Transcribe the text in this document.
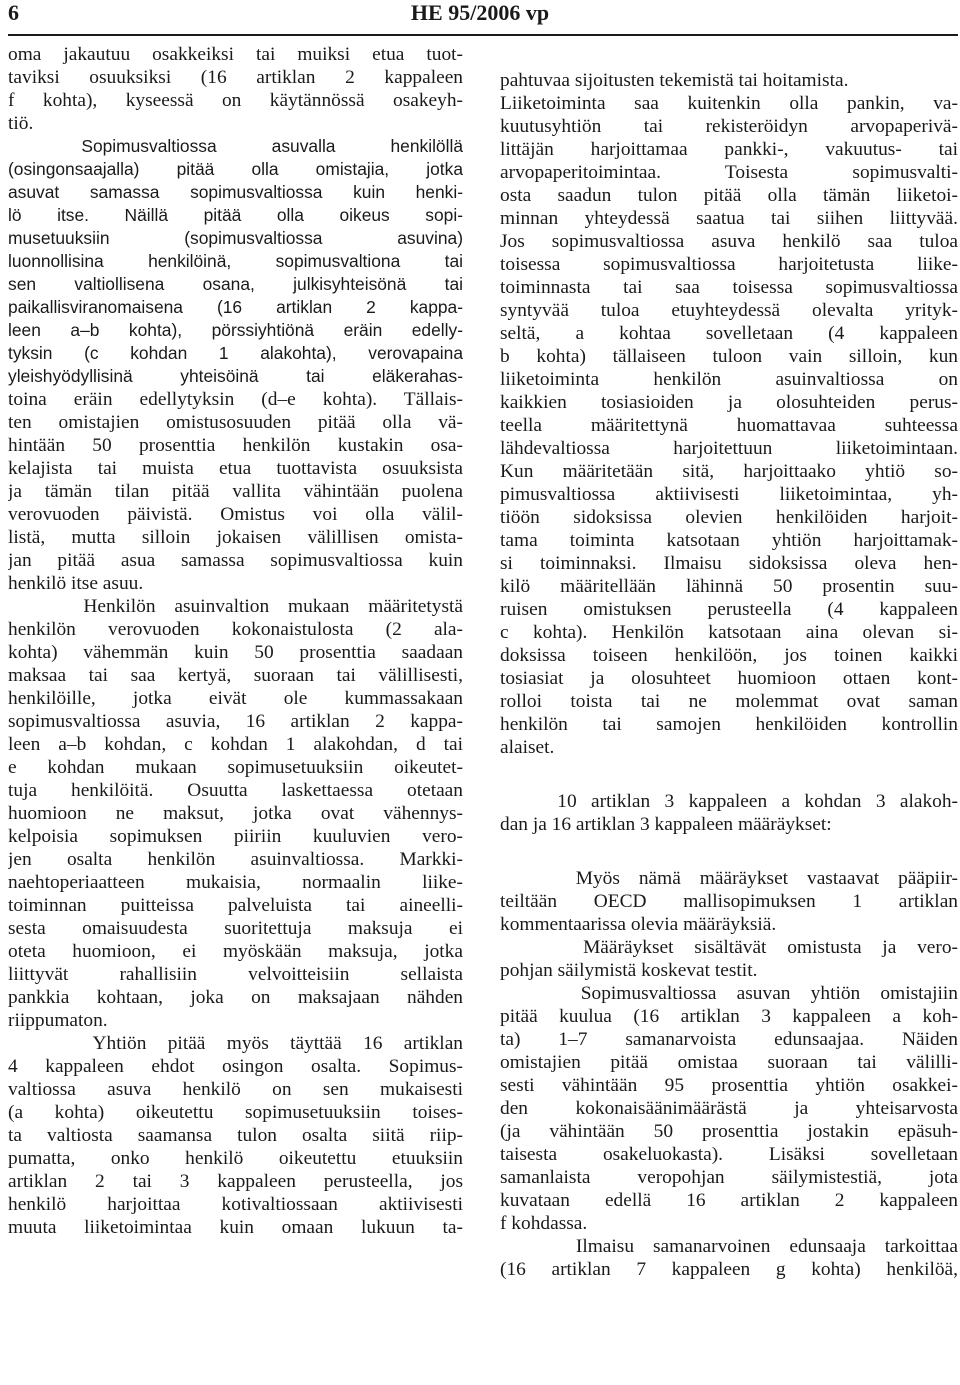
6	HE 95/2006 vp
oma jakautuu osakkeiksi tai muiksi etua tuot-
taviksi osuuksiksi (16 artiklan 2 kappaleen
f kohta), kyseessä on käytännössä osakeyh-
tiö.
Sopimusvaltiossa   asuvalla   henkilöllä
(osingonsaajalla) pitää olla omistajia, jotka
asuvat samassa sopimusvaltiossa kuin henki-
lö  itse.  Näillä  pitää  olla  oikeus  sopi-
musetuuksiin  (sopimusvaltiossa  asuvina)
luonnollisina henkilöinä, sopimusvaltiona tai
sen  valtiollisena  osana,  julkisyhteisönä  tai
paikallisviranomaisena (16 artiklan 2 kappa-
leen  a–b  kohta),  pörssiyhtiönä  eräin  edelly-
tyksin  (c  kohdan  1  alakohta),  verovapaina
yleishyödyllisinä  yhteisöinä  tai  eläkerahas-
toina eräin edellytyksin (d–e kohta). Tällais-
ten omistajien omistusosuuden pitää olla vä-
hintään 50 prosenttia henkilön kustakin osa-
kelajista tai muista etua tuottavista osuuksista
ja tämän tilan pitää vallita vähintään puolena
verovuoden päivistä. Omistus voi olla välil-
listä, mutta silloin jokaisen välillisen omista-
jan pitää asua samassa sopimusvaltiossa kuin
henkilö itse asuu.
Henkilön asuinvaltion mukaan määritetystä
henkilön verovuoden kokonaistulosta (2 ala-
kohta) vähemmän kuin 50 prosenttia saadaan
maksaa tai saa kertyä, suoraan tai välillisesti,
henkilöille, jotka eivät ole kummassakaan
sopimusvaltiossa asuvia, 16 artiklan 2 kappa-
leen a–b kohdan, c kohdan 1 alakohdan, d tai
e kohdan mukaan sopimusetuuksiin oikeutet-
tuja henkilöitä. Osuutta laskettaessa otetaan
huomioon ne maksut, jotka ovat vähennys-
kelpoisia sopimuksen piiriin kuuluvien vero-
jen osalta henkilön asuinvaltiossa. Markki-
naehtoperiaatteen mukaisia, normaalin liike-
toiminnan puitteissa palveluista tai aineelli-
sesta omaisuudesta suoritettuja maksuja ei
oteta huomioon, ei myöskään maksuja, jotka
liittyvät rahallisiin velvoitteisiin sellaista
pankkia kohtaan, joka on maksajaan nähden
riippumaton.
Yhtiön pitää myös täyttää 16 artiklan
4 kappaleen ehdot osingon osalta. Sopimus-
valtiossa asuva henkilö on sen mukaisesti
(a kohta) oikeutettu sopimusetuuksiin toises-
ta valtiosta saamansa tulon osalta siitä riip-
pumatta, onko henkilö oikeutettu etuuksiin
artiklan 2 tai 3 kappaleen perusteella, jos
henkilö harjoittaa kotivaltiossaan aktiivisesti
muuta liiketoimintaa kuin omaan lukuun ta-
pahtuvaa sijoitusten tekemistä tai hoitamista.
Liiketoiminta saa kuitenkin olla pankin, va-
kuutusyhtiön tai rekisteröidyn arvopaperivä-
littäjän harjoittamaa pankki-, vakuutus- tai
arvopaperitoimintaa. Toisesta sopimusvalti-
osta saadun tulon pitää olla tämän liiketoi-
minnan yhteydessä saatua tai siihen liittyvää.
Jos sopimusvaltiossa asuva henkilö saa tuloa
toisessa sopimusvaltiossa harjoitetusta liike-
toiminnasta tai saa toisessa sopimusvaltiossa
syntyvää tuloa etuyhteydessä olevalta yrityk-
seltä, a kohtaa sovelletaan (4 kappaleen
b kohta) tällaiseen tuloon vain silloin, kun
liiketoiminta henkilön asuinvaltiossa on
kaikkien tosiasioiden ja olosuhteiden perus-
teella määritettynä huomattavaa suhteessa
lähdevaltiossa harjoitettuun liiketoimintaan.
Kun määritetään sitä, harjoittaako yhtiö so-
pimusvaltiossa aktiivisesti liiketoimintaa, yh-
tiöön sidoksissa olevien henkilöiden harjoit-
tama toiminta katsotaan yhtiön harjoittamak-
si toiminnaksi. Ilmaisu sidoksissa oleva hen-
kilö määritellään lähinnä 50 prosentin suu-
ruisen omistuksen perusteella (4 kappaleen
c kohta). Henkilön katsotaan aina olevan si-
doksissa toiseen henkilöön, jos toinen kaikki
tosiasiat ja olosuhteet huomioon ottaen kont-
rolloi toista tai ne molemmat ovat saman
henkilön tai samojen henkilöiden kontrollin
alaiset.
10 artiklan 3 kappaleen a kohdan 3 alakoh-
dan ja 16 artiklan 3 kappaleen määräykset:
Myös nämä määräykset vastaavat pääpiir-
teiltään OECD mallisopimuksen 1 artiklan
kommentaarissa olevia määräyksiä.
Määräykset sisältävät omistusta ja vero-
pohjan säilymistä koskevat testit.
Sopimusvaltiossa asuvan yhtiön omistajiin
pitää kuulua (16 artiklan 3 kappaleen a koh-
ta) 1–7 samanarvoista edunsaajaa. Näiden
omistajien pitää omistaa suoraan tai välilli-
sesti vähintään 95 prosenttia yhtiön osakkei-
den kokonaisäänimäärästä ja yhteisarvosta
(ja vähintään 50 prosenttia jostakin epäsuh-
taisesta osakeluokasta). Lisäksi sovelletaan
samanlaista veropohjan säilymistestiä, jota
kuvataan edellä 16 artiklan 2 kappaleen
f kohdassa.
Ilmaisu samanarvoinen edunsaaja tarkoittaa
(16 artiklan 7 kappaleen g kohta) henkilöä,
